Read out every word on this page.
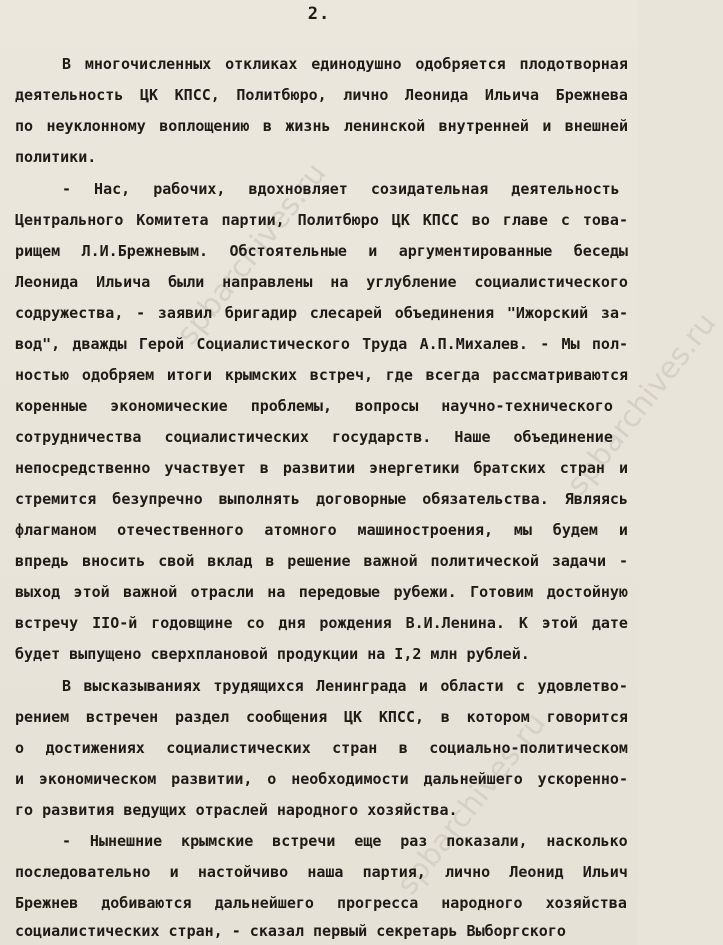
spbarchives.ru
spbarchives.ru
spbarchives.ru
2.
В многочисленных откликах единодушно одобряется плодотворная
деятельность ЦК КПСС, Политбюро, лично Леонида Ильича Брежнева
по неуклонному воплощению в жизнь ленинской внутренней и внешней
политики.
- Нас, рабочих, вдохновляет созидательная деятельность
Центрального Комитета партии, Политбюро ЦК КПСС во главе с това-
рищем Л.И.Брежневым. Обстоятельные и аргументированные беседы
Леонида Ильича были направлены на углубление социалистического
содружества, - заявил бригадир слесарей объединения "Ижорский за-
вод", дважды Герой Социалистического Труда А.П.Михалев. - Мы пол-
ностью одобряем итоги крымских встреч, где всегда рассматриваются
коренные экономические проблемы, вопросы научно-технического
сотрудничества социалистических государств. Наше объединение
непосредственно участвует в развитии энергетики братских стран и
стремится безупречно выполнять договорные обязательства. Являясь
флагманом отечественного атомного машиностроения, мы будем и
впредь вносить свой вклад в решение важной политической задачи -
выход этой важной отрасли на передовые рубежи. Готовим достойную
встречу IIO-й годовщине со дня рождения В.И.Ленина. К этой дате
будет выпущено сверхплановой продукции на I,2 млн рублей.
В высказываниях трудящихся Ленинграда и области с удовлетво-
рением встречен раздел сообщения ЦК КПСС, в котором говорится
о достижениях социалистических стран в социально-политическом
и экономическом развитии, о необходимости дальнейшего ускоренно-
го развития ведущих отраслей народного хозяйства.
- Нынешние крымские встречи еще раз показали, насколько
последовательно и настойчиво наша партия, лично Леонид Ильич
Брежнев добиваются дальнейшего прогресса народного хозяйства
социалистических стран, - сказал первый секретарь Выборгского
